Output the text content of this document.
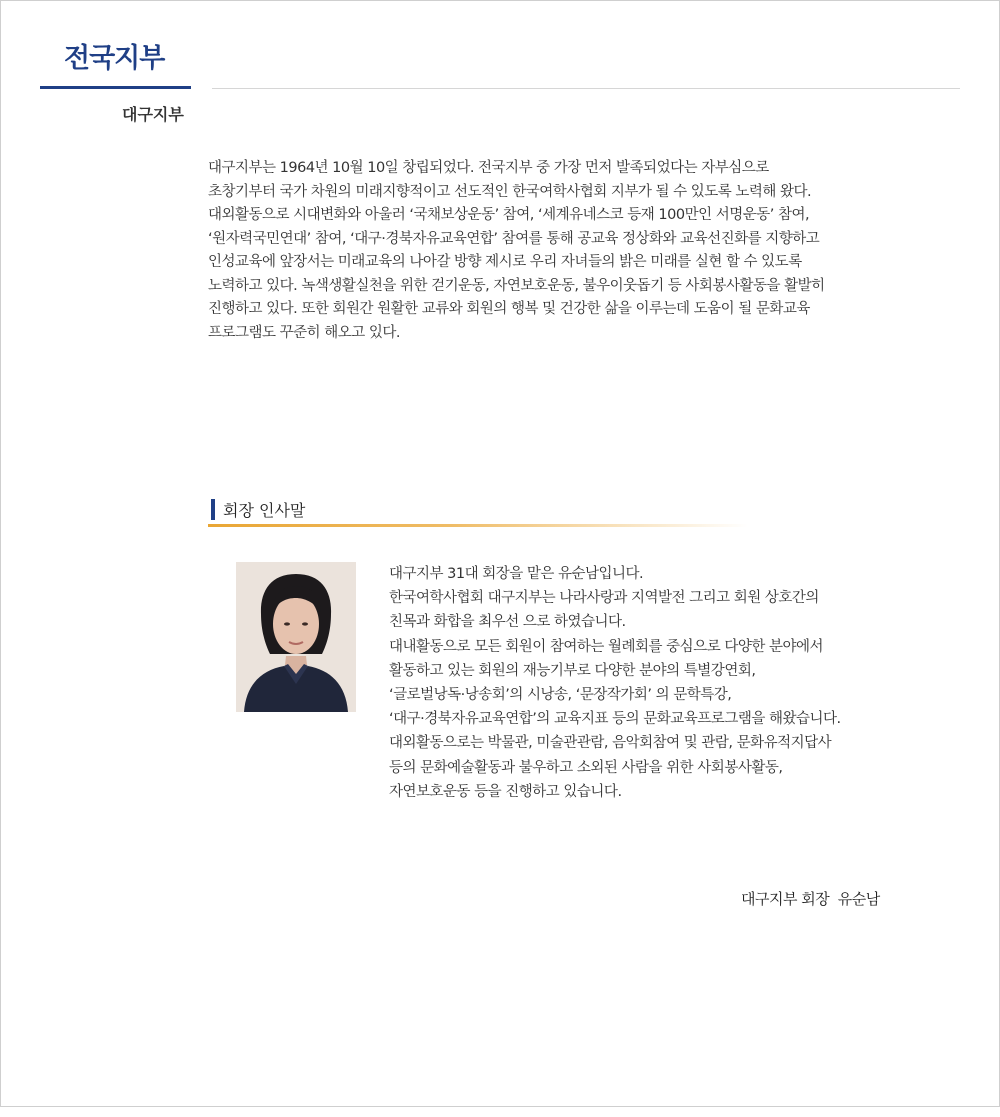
전국지부
대구지부
대구지부는 1964년 10월 10일 창립되었다. 전국지부 중 가장 먼저 발족되었다는 자부심으로
초창기부터 국가 차원의 미래지향적이고 선도적인 한국여학사협회 지부가 될 수 있도록 노력해 왔다.
대외활동으로 시대변화와 아울러 ‘국채보상운동’ 참여, ‘세계유네스코 등재 100만인 서명운동’ 참여,
‘원자력국민연대’ 참여, ‘대구·경북자유교육연합’ 참여를 통해 공교육 정상화와 교육선진화를 지향하고
인성교육에 앞장서는 미래교육의 나아갈 방향 제시로 우리 자녀들의 밝은 미래를 실현 할 수 있도록
노력하고 있다. 녹색생활실천을 위한 걷기운동, 자연보호운동, 불우이웃돕기 등 사회봉사활동을 활발히
진행하고 있다. 또한 회원간 원활한 교류와 회원의 행복 및 건강한 삶을 이루는데 도움이 될 문화교육
프로그램도 꾸준히 해오고 있다.
회장 인사말
대구지부 31대 회장을 맡은 유순남입니다.
한국여학사협회 대구지부는 나라사랑과 지역발전 그리고 회원 상호간의
친목과 화합을 최우선 으로 하였습니다.
대내활동으로 모든 회원이 참여하는 월례회를 중심으로 다양한 분야에서
활동하고 있는 회원의 재능기부로 다양한 분야의 특별강연회,
‘글로벌낭독·낭송회’의 시낭송, ‘문장작가회’ 의 문학특강,
‘대구·경북자유교육연합’의 교육지표 등의 문화교육프로그램을 해왔습니다.
대외활동으로는 박물관, 미술관관람, 음악회참여 및 관람, 문화유적지답사
등의 문화예술활동과 불우하고 소외된 사람을 위한 사회봉사활동,
자연보호운동 등을 진행하고 있습니다.
대구지부 회장  유순남
